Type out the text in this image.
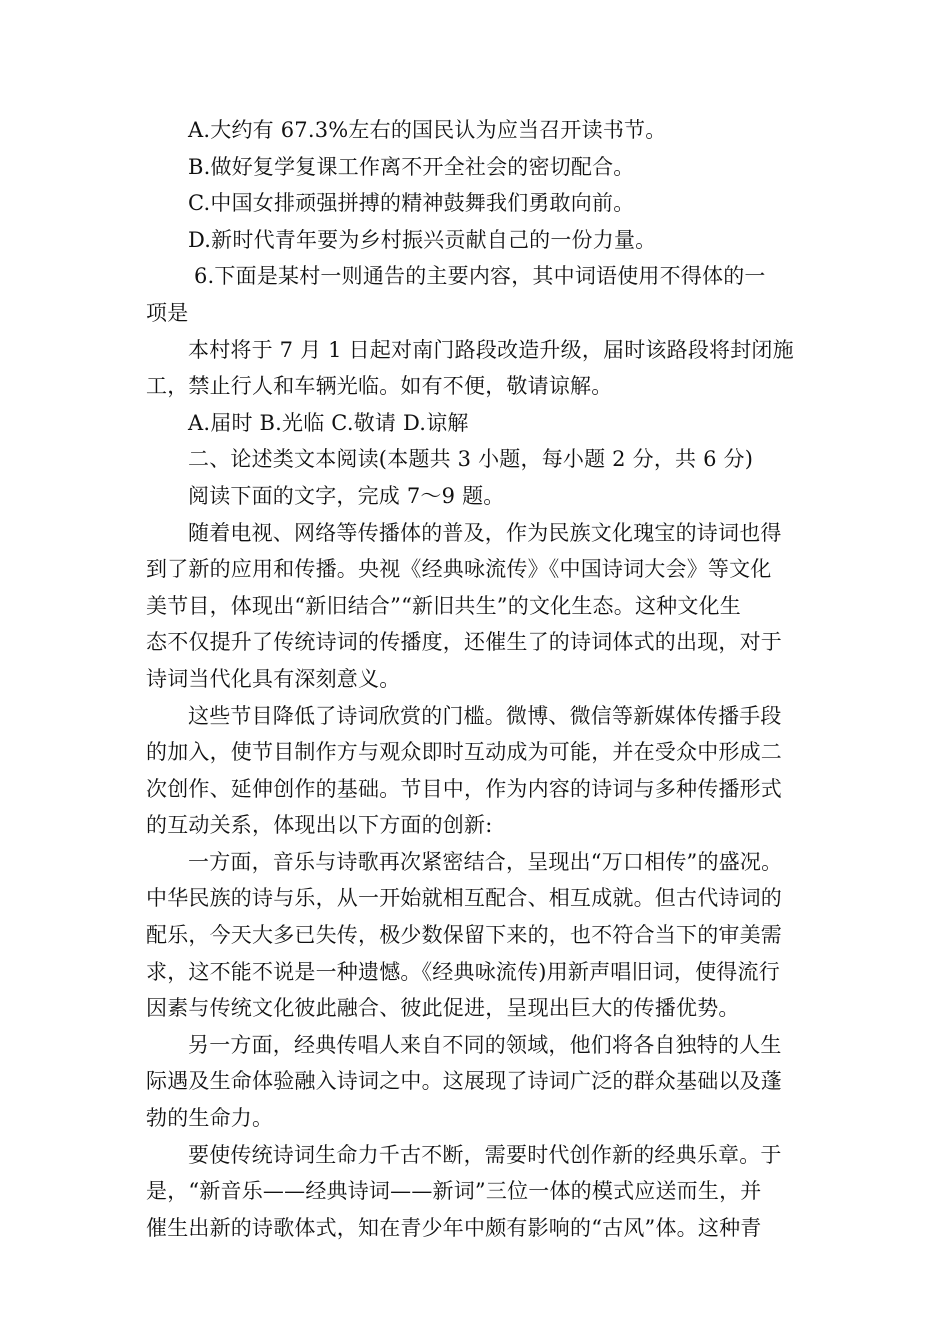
A.大约有 67.3%左右的国民认为应当召开读书节。
B.做好复学复课工作离不开全社会的密切配合。
C.中国女排顽强拼搏的精神鼓舞我们勇敢向前。
D.新时代青年要为乡村振兴贡献自己的一份力量。
6.下面是某村一则通告的主要内容，其中词语使用不得体的一
项是
本村将于 7 月 1 日起对南门路段改造升级，届时该路段将封闭施
工，禁止行人和车辆光临。如有不便，敬请谅解。
A.届时 B.光临 C.敬请 D.谅解
二、论述类文本阅读(本题共 3 小题，每小题 2 分，共 6 分)
阅读下面的文字，完成 7～9 题。
随着电视、网络等传播体的普及，作为民族文化瑰宝的诗词也得
到了新的应用和传播。央视《经典咏流传》《中国诗词大会》等文化
美节目，体现出“新旧结合”“新旧共生”的文化生态。这种文化生
态不仅提升了传统诗词的传播度，还催生了的诗词体式的出现，对于
诗词当代化具有深刻意义。
这些节目降低了诗词欣赏的门槛。微博、微信等新媒体传播手段
的加入，使节目制作方与观众即时互动成为可能，并在受众中形成二
次创作、延伸创作的基础。节目中，作为内容的诗词与多种传播形式
的互动关系，体现出以下方面的创新:
一方面，音乐与诗歌再次紧密结合，呈现出“万口相传”的盛况。
中华民族的诗与乐，从一开始就相互配合、相互成就。但古代诗词的
配乐，今天大多已失传，极少数保留下来的，也不符合当下的审美需
求，这不能不说是一种遗憾。《经典咏流传)用新声唱旧词，使得流行
因素与传统文化彼此融合、彼此促进，呈现出巨大的传播优势。
另一方面，经典传唱人来自不同的领域，他们将各自独特的人生
际遇及生命体验融入诗词之中。这展现了诗词广泛的群众基础以及蓬
勃的生命力。
要使传统诗词生命力千古不断，需要时代创作新的经典乐章。于
是，“新音乐——经典诗词——新词”三位一体的模式应送而生，并
催生出新的诗歌体式，知在青少年中颇有影响的“古风”体。这种青
